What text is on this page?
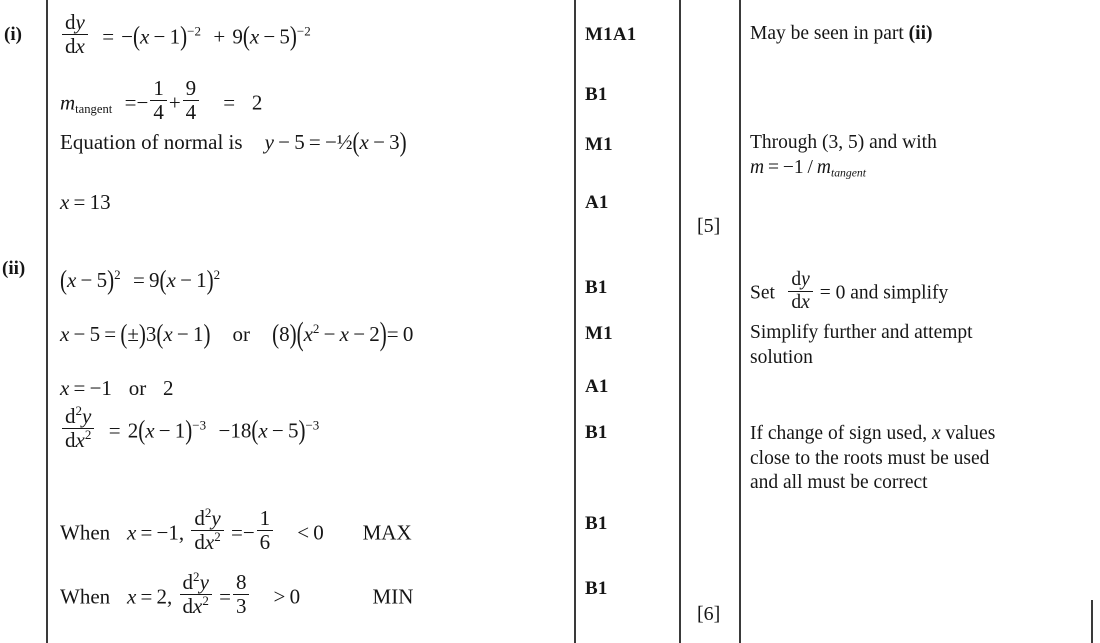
$(i) \frac{dy}{dx} = -(x - 1)^{-2} + 9(x - 5)^{-2}$
$m_{tangent} =- \frac{1}{4} + \frac{9}{4} = 2$
Equation of normal is y − 5 = −½(x − 3)
x = 13
M1A1
B1
M1
A1
[5]
May be seen in part (ii)
Through (3, 5) and with
$m = -1 / m_{tangent}$
(ii) $(x - 5)^2 = 9(x - 1)^2$
x − 5 = (±)3(x − 1) or $(8)(x^2 - x - 2)= 0$
x = −1 or 2
$\frac{d^2y}{dx^2} = 2(x - 1)^{-3} -18(x - 5)^{-3}$
When x = −1, $\frac{d^2y}{dx^2} =- \frac{1}{6} < 0$ MAX
When x = 2, $\frac{d^2y}{dx^2} = \frac{8}{3} > 0$	MIN
B1
M1
A1
B1
B1
B1
[6]
Set $\frac{dy}{dx} = 0$ and simplify
Simplify further and attempt
solution
If change of sign used, x values
close to the roots must be used
and all must be correct
